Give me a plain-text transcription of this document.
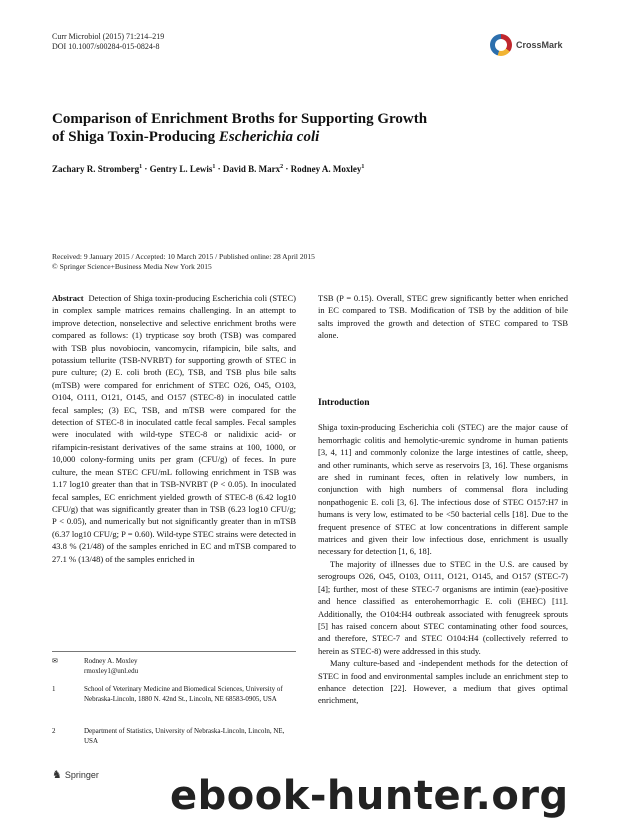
Curr Microbiol (2015) 71:214–219
DOI 10.1007/s00284-015-0824-8	CrossMark
Comparison of Enrichment Broths for Supporting Growth
of Shiga Toxin-Producing Escherichia coli
Zachary R. Stromberg$^1$ · Gentry L. Lewis$^1$ · David B. Marx$^2$ · Rodney A. Moxley$^1$
Received: 9 January 2015 / Accepted: 10 March 2015 / Published online: 28 April 2015
© Springer Science+Business Media New York 2015

Abstract Detection of Shiga toxin-producing Escherichia coli (STEC) in complex sample matrices remains challenging. In an attempt to improve detection, nonselective and selective enrichment broths were compared as follows: (1) trypticase soy broth (TSB) was compared with TSB plus novobiocin, vancomycin, rifampicin, bile salts, and potassium tellurite (TSB-NVRBT) for supporting growth of STEC in pure culture; (2) E. coli broth (EC), TSB, and TSB plus bile salts (mTSB) were compared for enrichment of STEC O26, O45, O103, O104, O111, O121, O145, and O157 (STEC-8) in inoculated cattle fecal samples; (3) EC, TSB, and mTSB were compared for the detection of STEC-8 in inoculated cattle fecal samples. Fecal samples were inoculated with wild-type STEC-8 or nalidixic acid- or rifampicin-resistant derivatives of the same strains at 100, 1000, or 10,000 colony-forming units per gram (CFU/g) of feces. In pure culture, the mean STEC CFU/mL following enrichment in TSB was 1.17 log10 greater than that in TSB-NVRBT (P < 0.05). In inoculated fecal samples, EC enrichment yielded growth of STEC-8 (6.42 log10 CFU/g) that was significantly greater than in TSB (6.23 log10 CFU/g; P < 0.05), and numerically but not significantly greater than in mTSB (6.37 log10 CFU/g; P = 0.60). Wild-type STEC strains were detected in 43.8 % (21/48) of the samples enriched in EC and mTSB compared to 27.1 % (13/48) of the samples enriched in

TSB (P = 0.15). Overall, STEC grew significantly better when enriched in EC compared to TSB. Modification of TSB by the addition of bile salts improved the growth and detection of STEC compared to TSB alone.

Introduction

Shiga toxin-producing Escherichia coli (STEC) are the major cause of hemorrhagic colitis and hemolytic-uremic syndrome in human patients [3, 4, 11] and commonly colonize the large intestines of cattle, sheep, and other ruminants, which serve as reservoirs [3, 16]. These organisms are shed in ruminant feces, often in relatively low numbers, in conjunction with high numbers of commensal flora including nonpathogenic E. coli [3, 6]. The infectious dose of STEC O157:H7 in humans is very low, estimated to be <50 bacterial cells [18]. Due to the frequent presence of STEC at low concentrations in different sample matrices and given their low infectious dose, enrichment is usually necessary for detection [1, 6, 18].

The majority of illnesses due to STEC in the U.S. are caused by serogroups O26, O45, O103, O111, O121, O145, and O157 (STEC-7) [4]; further, most of these STEC-7 organisms are intimin (eae)-positive and hence classified as enterohemorrhagic E. coli (EHEC) [11]. Additionally, the O104:H4 outbreak associated with fenugreek sprouts [5] has raised concern about STEC contaminating other food sources, and therefore, STEC-7 and STEC O104:H4 (collectively referred to herein as STEC-8) were addressed in this study.

Many culture-based and -independent methods for the detection of STEC in food and environmental samples include an enrichment step to enhance detection [22]. However, a medium that gives optimal enrichment,

✉	Rodney A. Moxley
rmoxley1@unl.edu
1	School of Veterinary Medicine and Biomedical Sciences, University of Nebraska-Lincoln, 1880 N. 42nd St., Lincoln, NE 68583-0905, USA
2	Department of Statistics, University of Nebraska-Lincoln, Lincoln, NE, USA
♞ Springer ebook-hunter.org
